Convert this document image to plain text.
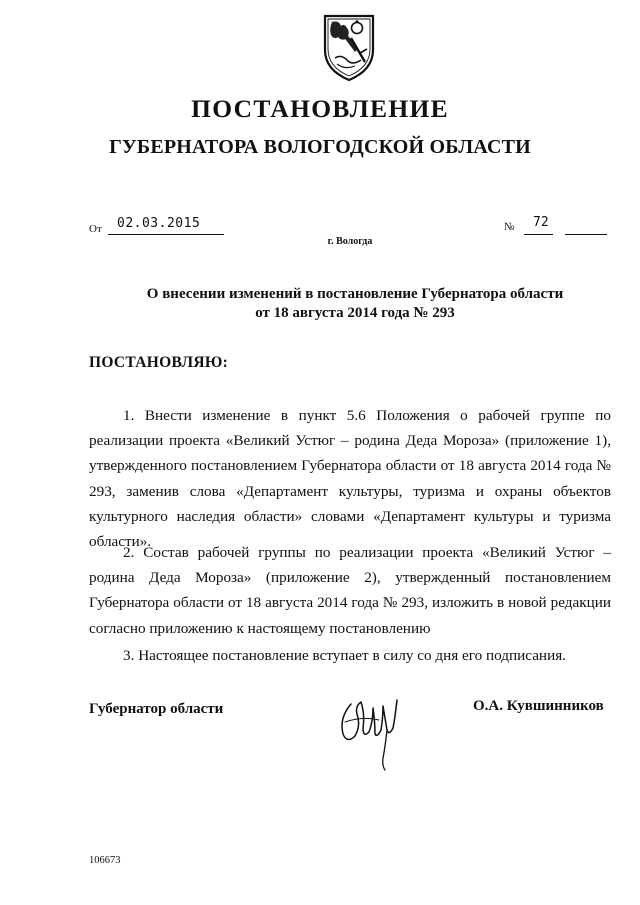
ПОСТАНОВЛЕНИЕ
ГУБЕРНАТОРА ВОЛОГОДСКОЙ ОБЛАСТИ
От 02.03.2015	№ 72
г. Вологда
О внесении изменений в постановление Губернатора области
от 18 августа 2014 года № 293
ПОСТАНОВЛЯЮ:
1. Внести изменение в пункт 5.6 Положения о рабочей группе по реализации проекта «Великий Устюг – родина Деда Мороза» (приложение 1), утвержденного постановлением Губернатора области от 18 августа 2014 года № 293, заменив слова «Департамент культуры, туризма и охраны объектов культурного наследия области» словами «Департамент культуры и туризма области».
2. Состав рабочей группы по реализации проекта «Великий Устюг – родина Деда Мороза» (приложение 2), утвержденный постановлением Губернатора области от 18 августа 2014 года № 293, изложить в новой редакции согласно приложению к настоящему постановлению
3. Настоящее постановление вступает в силу со дня его подписания.
Губернатор области	О.А. Кувшинников
106673
